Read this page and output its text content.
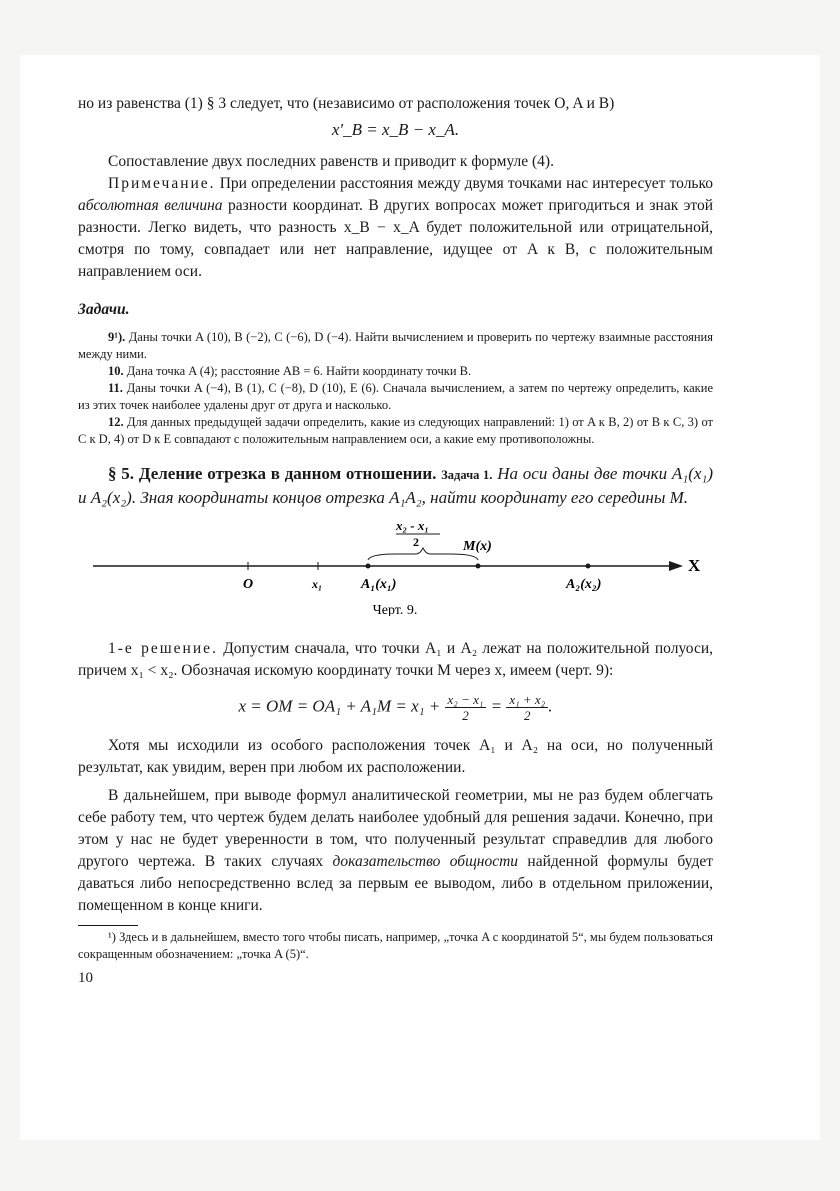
но из равенства (1) § 3 следует, что (независимо от расположения точек O, A и B)

x′_B = x_B − x_A.

Сопоставление двух последних равенств и приводит к формуле (4).

Примечание. При определении расстояния между двумя точками нас интересует только абсолютная величина разности координат. В других вопросах может пригодиться и знак этой разности. Легко видеть, что разность x_B − x_A будет положительной или отрицательной, смотря по тому, совпадает или нет направление, идущее от A к B, с положительным направлением оси.

Задачи.

9¹). Даны точки A (10), B (−2), C (−6), D (−4). Найти вычислением и проверить по чертежу взаимные расстояния между ними.

10. Дана точка A (4); расстояние AB = 6. Найти координату точки B.

11. Даны точки A (−4), B (1), C (−8), D (10), E (6). Сначала вычислением, а затем по чертежу определить, какие из этих точек наиболее удалены друг от друга и насколько.

12. Для данных предыдущей задачи определить, какие из следующих направлений: 1) от A к B, 2) от B к C, 3) от C к D, 4) от D к E совпадают с положительным направлением оси, а какие ему противоположны.

§ 5. Деление отрезка в данном отношении. Задача 1. На оси даны две точки A₁(x₁) и A₂(x₂). Зная координаты концов отрезка A₁A₂, найти координату его середины M.

X
x₂ - x₁
2	M(x)
O	x₁	A₁(x₁)	A₂(x₂)
Черт. 9.

1-е решение. Допустим сначала, что точки A₁ и A₂ лежат на положительной полуоси, причем x₁ < x₂. Обозначая искомую координату точки M через x, имеем (черт. 9):

x = OM = $OA_1 + A_1M = x_1 + \frac{\text{x₂ − x₁}}{2} = \frac{\text{x₁ + x₂}}{2}$ .

Хотя мы исходили из особого расположения точек A₁ и A₂ на оси, но полученный результат, как увидим, верен при любом их расположении.

В дальнейшем, при выводе формул аналитической геометрии, мы не раз будем облегчать себе работу тем, что чертеж будем делать наиболее удобный для решения задачи. Конечно, при этом у нас не будет уверенности в том, что полученный результат справедлив для любого другого чертежа. В таких случаях доказательство общности найденной формулы будет даваться либо непосредственно вслед за первым ее выводом, либо в отдельном приложении, помещенном в конце книги.

¹) Здесь и в дальнейшем, вместо того чтобы писать, например, „точка A с координатой 5“, мы будем пользоваться сокращенным обозначением: „точка A (5)“.

10
